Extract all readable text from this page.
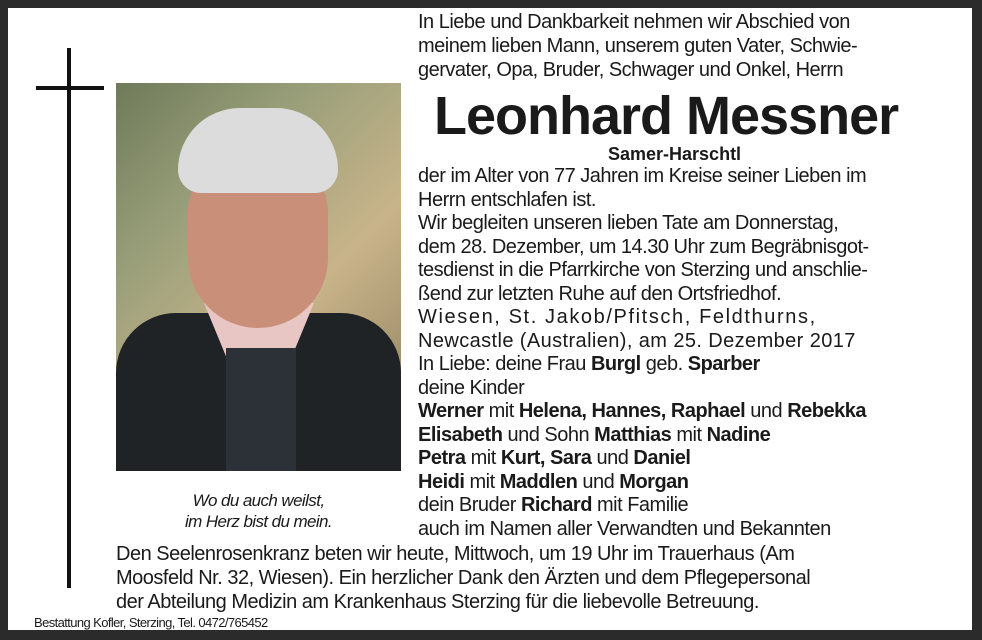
Wo du auch weilst,
im Herz bist du mein.
In Liebe und Dankbarkeit nehmen wir Abschied von
meinem lieben Mann, unserem guten Vater, Schwie-
gervater, Opa, Bruder, Schwager und Onkel, Herrn
Leonhard Messner
Samer-Harschtl
der im Alter von 77 Jahren im Kreise seiner Lieben im
Herrn entschlafen ist.
Wir begleiten unseren lieben Tate am Donnerstag,
dem 28. Dezember, um 14.30 Uhr zum Begräbnisgot-
tesdienst in die Pfarrkirche von Sterzing und anschlie-
ßend zur letzten Ruhe auf den Ortsfriedhof.
Wiesen, St. Jakob/Pfitsch, Feldthurns,
Newcastle (Australien), am 25. Dezember 2017
In Liebe: deine Frau Burgl geb. Sparber
deine Kinder
Werner mit Helena, Hannes, Raphael und Rebekka
Elisabeth und Sohn Matthias mit Nadine
Petra mit Kurt, Sara und Daniel
Heidi mit Maddlen und Morgan
dein Bruder Richard mit Familie
auch im Namen aller Verwandten und Bekannten
Den Seelenrosenkranz beten wir heute, Mittwoch, um 19 Uhr im Trauerhaus (Am
Moosfeld Nr. 32, Wiesen). Ein herzlicher Dank den Ärzten und dem Pflegepersonal
der Abteilung Medizin am Krankenhaus Sterzing für die liebevolle Betreuung.
Bestattung Kofler, Sterzing, Tel. 0472/765452
